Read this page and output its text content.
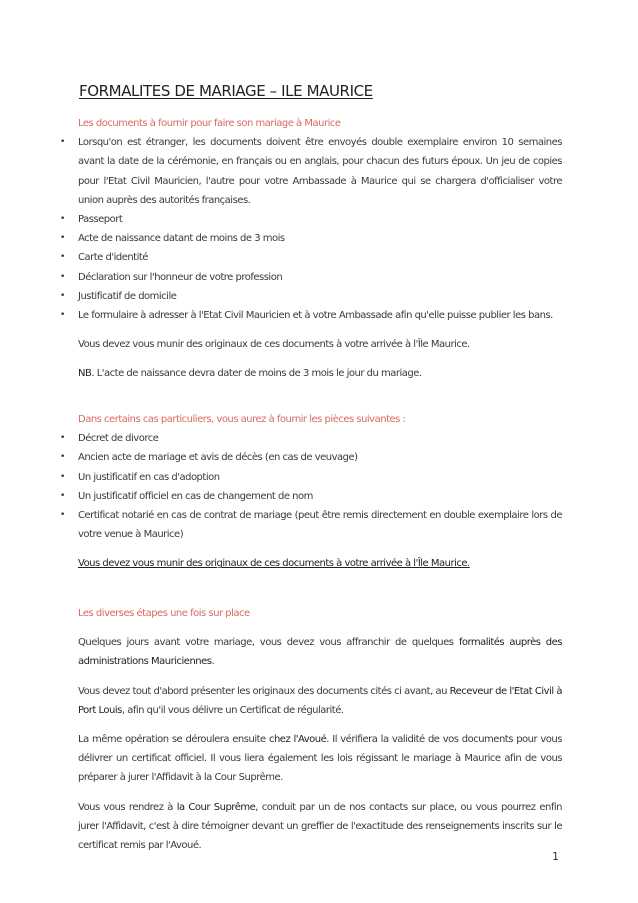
FORMALITES DE MARIAGE – ILE MAURICE

Les documents à fournir pour faire son mariage à Maurice

• Lorsqu'on est étranger, les documents doivent être envoyés double exemplaire environ 10 semaines avant la date de la cérémonie, en français ou en anglais, pour chacun des futurs époux. Un jeu de copies pour l'Etat Civil Mauricien, l'autre pour votre Ambassade à Maurice qui se chargera d'officialiser votre union auprès des autorités françaises.
• Passeport
• Acte de naissance datant de moins de 3 mois
• Carte d'identité
• Déclaration sur l'honneur de votre profession
• Justificatif de domicile
• Le formulaire à adresser à l'Etat Civil Mauricien et à votre Ambassade afin qu'elle puisse publier les bans.

Vous devez vous munir des originaux de ces documents à votre arrivée à l'Île Maurice.

NB. L'acte de naissance devra dater de moins de 3 mois le jour du mariage.

Dans certains cas particuliers, vous aurez à fournir les pièces suivantes :

• Décret de divorce
• Ancien acte de mariage et avis de décès (en cas de veuvage)
• Un justificatif en cas d'adoption
• Un justificatif officiel en cas de changement de nom
• Certificat notarié en cas de contrat de mariage (peut être remis directement en double exemplaire lors de votre venue à Maurice)

Vous devez vous munir des originaux de ces documents à votre arrivée à l'Île Maurice.

Les diverses étapes une fois sur place

Quelques jours avant votre mariage, vous devez vous affranchir de quelques formalités auprès des administrations Mauriciennes.

Vous devez tout d'abord présenter les originaux des documents cités ci avant, au Receveur de l'Etat Civil à Port Louis, afin qu'il vous délivre un Certificat de régularité.

La même opération se déroulera ensuite chez l'Avoué. Il vérifiera la validité de vos documents pour vous délivrer un certificat officiel. Il vous liera également les lois régissant le mariage à Maurice afin de vous préparer à jurer l'Affidavit à la Cour Suprême.

Vous vous rendrez à la Cour Suprême, conduit par un de nos contacts sur place, ou vous pourrez enfin jurer l'Affidavit, c'est à dire témoigner devant un greffier de l'exactitude des renseignements inscrits sur le certificat remis par l'Avoué.

1
